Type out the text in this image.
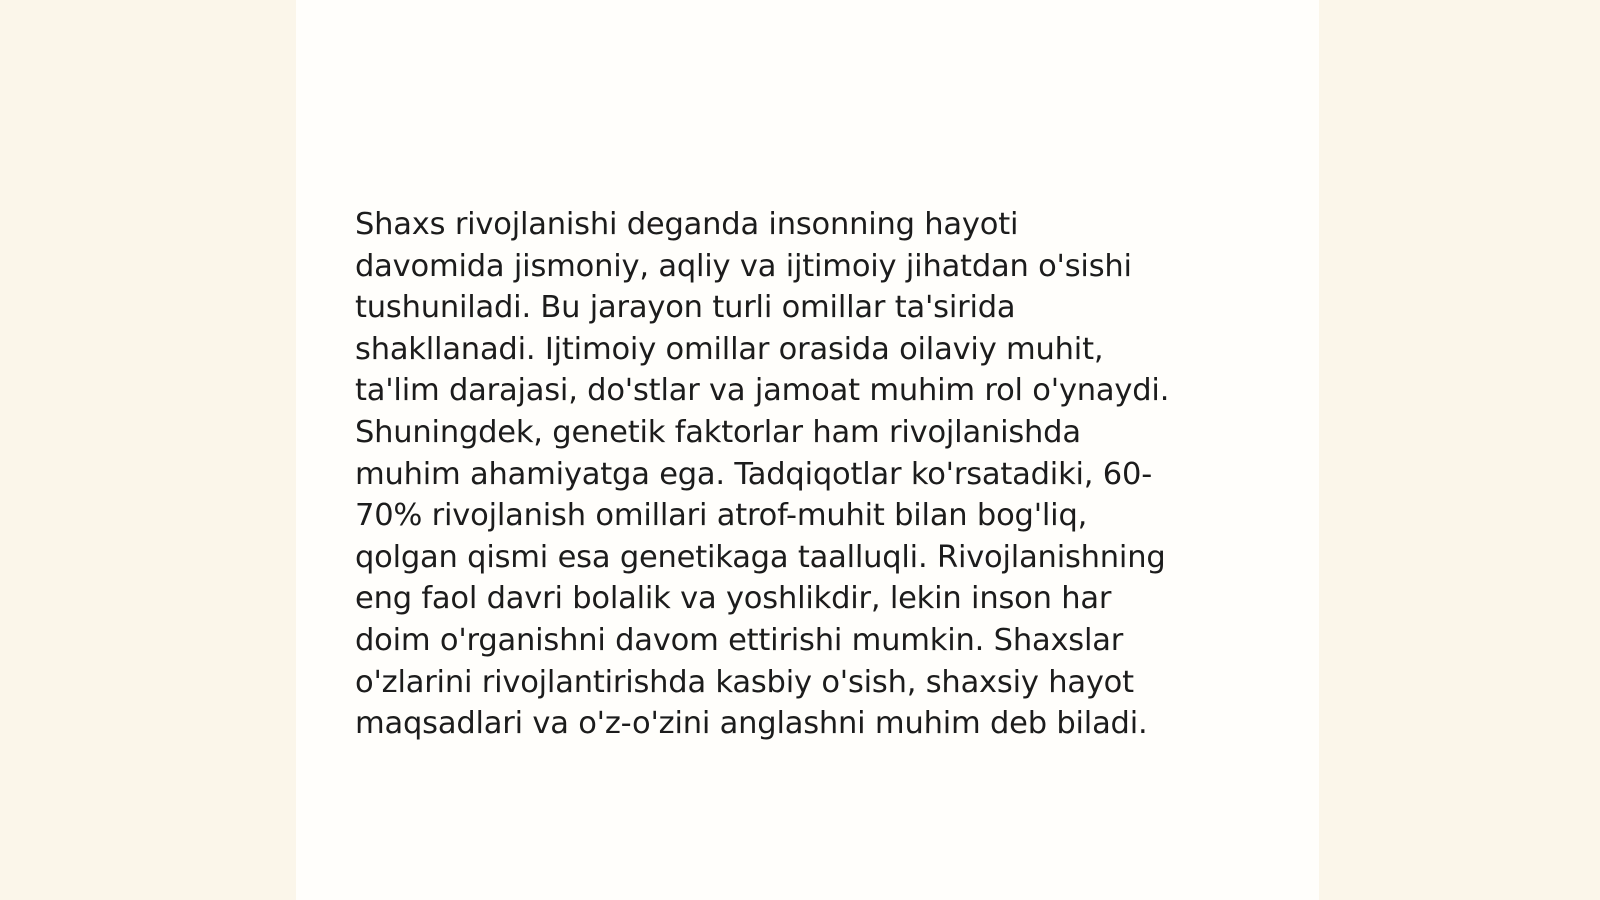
Shaxs rivojlanishi deganda insonning hayoti
davomida jismoniy, aqliy va ijtimoiy jihatdan o'sishi
tushuniladi. Bu jarayon turli omillar ta'sirida
shakllanadi. Ijtimoiy omillar orasida oilaviy muhit,
ta'lim darajasi, do'stlar va jamoat muhim rol o'ynaydi.
Shuningdek, genetik faktorlar ham rivojlanishda
muhim ahamiyatga ega. Tadqiqotlar ko'rsatadiki, 60-
70% rivojlanish omillari atrof-muhit bilan bog'liq,
qolgan qismi esa genetikaga taalluqli. Rivojlanishning
eng faol davri bolalik va yoshlikdir, lekin inson har
doim o'rganishni davom ettirishi mumkin. Shaxslar
o'zlarini rivojlantirishda kasbiy o'sish, shaxsiy hayot
maqsadlari va o'z-o'zini anglashni muhim deb biladi.
